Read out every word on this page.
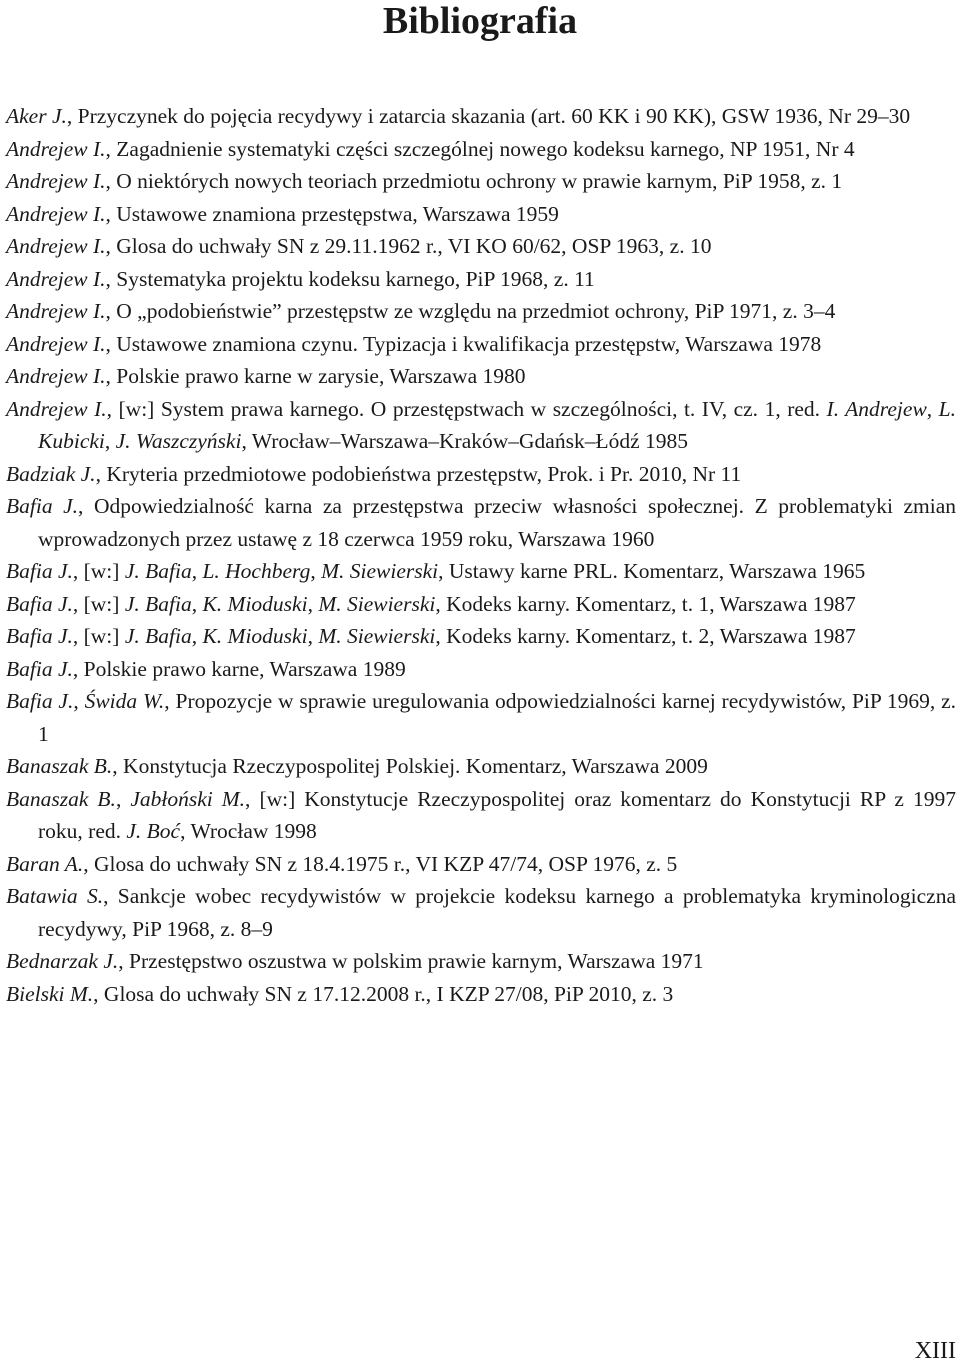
Bibliografia

Aker J., Przyczynek do pojęcia recydywy i zatarcia skazania (art. 60 KK i 90 KK), GSW 1936, Nr 29–30

Andrejew I., Zagadnienie systematyki części szczególnej nowego kodeksu karnego, NP 1951, Nr 4

Andrejew I., O niektórych nowych teoriach przedmiotu ochrony w prawie karnym, PiP 1958, z. 1

Andrejew I., Ustawowe znamiona przestępstwa, Warszawa 1959

Andrejew I., Glosa do uchwały SN z 29.11.1962 r., VI KO 60/62, OSP 1963, z. 10

Andrejew I., Systematyka projektu kodeksu karnego, PiP 1968, z. 11

Andrejew I., O „podobieństwie” przestępstw ze względu na przedmiot ochrony, PiP 1971, z. 3–4

Andrejew I., Ustawowe znamiona czynu. Typizacja i kwalifikacja przestępstw, Warszawa 1978

Andrejew I., Polskie prawo karne w zarysie, Warszawa 1980

Andrejew I., [w:] System prawa karnego. O przestępstwach w szczególności, t. IV, cz. 1, red. I. Andrejew, L. Kubicki, J. Waszczyński, Wrocław–Warszawa–Kraków–Gdańsk–Łódź 1985

Badziak J., Kryteria przedmiotowe podobieństwa przestępstw, Prok. i Pr. 2010, Nr 11

Bafia J., Odpowiedzialność karna za przestępstwa przeciw własności społecznej. Z problematyki zmian wprowadzonych przez ustawę z 18 czerwca 1959 roku, Warszawa 1960

Bafia J., [w:] J. Bafia, L. Hochberg, M. Siewierski, Ustawy karne PRL. Komentarz, Warszawa 1965

Bafia J., [w:] J. Bafia, K. Mioduski, M. Siewierski, Kodeks karny. Komentarz, t. 1, Warszawa 1987

Bafia J., [w:] J. Bafia, K. Mioduski, M. Siewierski, Kodeks karny. Komentarz, t. 2, Warszawa 1987

Bafia J., Polskie prawo karne, Warszawa 1989

Bafia J., Świda W., Propozycje w sprawie uregulowania odpowiedzialności karnej recydywistów, PiP 1969, z. 1

Banaszak B., Konstytucja Rzeczypospolitej Polskiej. Komentarz, Warszawa 2009

Banaszak B., Jabłoński M., [w:] Konstytucje Rzeczypospolitej oraz komentarz do Konstytucji RP z 1997 roku, red. J. Boć, Wrocław 1998

Baran A., Glosa do uchwały SN z 18.4.1975 r., VI KZP 47/74, OSP 1976, z. 5

Batawia S., Sankcje wobec recydywistów w projekcie kodeksu karnego a problematyka kryminologiczna recydywy, PiP 1968, z. 8–9

Bednarzak J., Przestępstwo oszustwa w polskim prawie karnym, Warszawa 1971

Bielski M., Glosa do uchwały SN z 17.12.2008 r., I KZP 27/08, PiP 2010, z. 3

XIII
